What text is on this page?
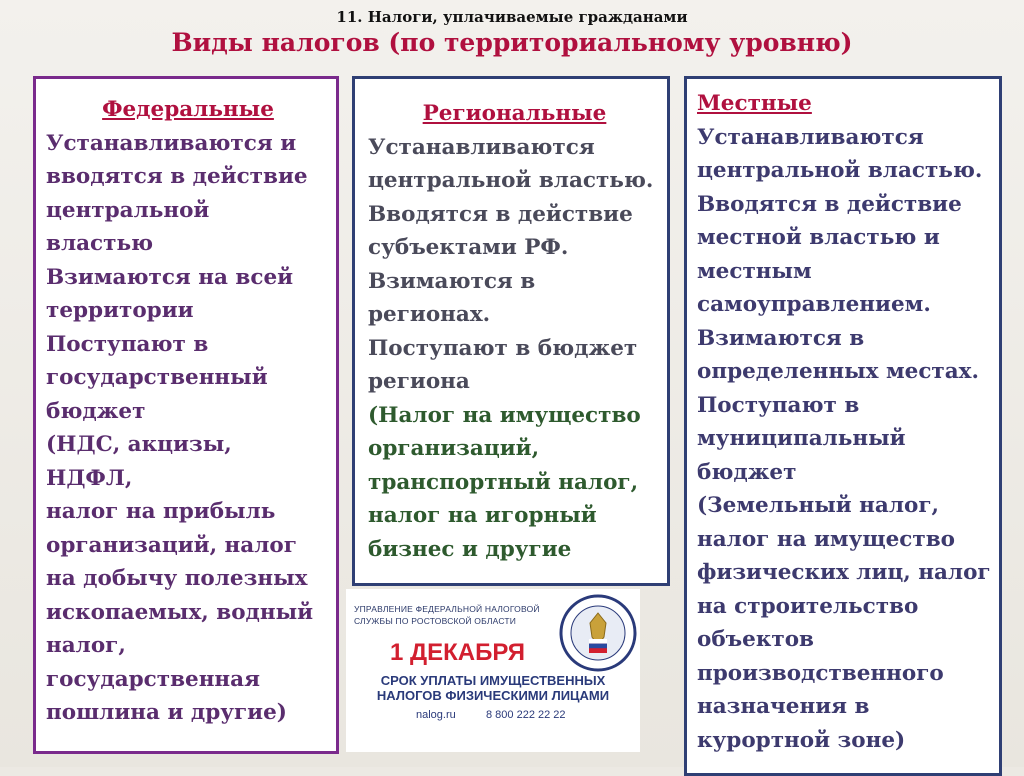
11. Налоги, уплачиваемые гражданами
Виды налогов (по территориальному уровню)
Федеральные
Устанавливаются и
вводятся в действие
центральной
властью
Взимаются на всей
территории
Поступают в
государственный
бюджет
(НДС, акцизы,
НДФЛ,
налог на прибыль
организаций, налог
на добычу полезных
ископаемых, водный
налог,
государственная
пошлина и другие)
Региональные
Устанавливаются
центральной властью.
Вводятся в действие
субъектами РФ.
Взимаются в
регионах.
Поступают в бюджет
региона
(Налог на имущество
организаций,
транспортный налог,
налог на игорный
бизнес и другие
Местные
Устанавливаются
центральной властью.
Вводятся в действие
местной властью и
местным
самоуправлением.
Взимаются в
определенных местах.
Поступают в
муниципальный
бюджет
(Земельный налог,
налог на имущество
физических лиц, налог
на строительство
объектов
производственного
назначения в
курортной зоне)
УПРАВЛЕНИЕ ФЕДЕРАЛЬНОЙ НАЛОГОВОЙ
СЛУЖБЫ ПО РОСТОВСКОЙ ОБЛАСТИ
1 ДЕКАБРЯ
СРОК УПЛАТЫ ИМУЩЕСТВЕННЫХ
НАЛОГОВ ФИЗИЧЕСКИМИ ЛИЦАМИ
nalog.ru	8 800 222 22 22
